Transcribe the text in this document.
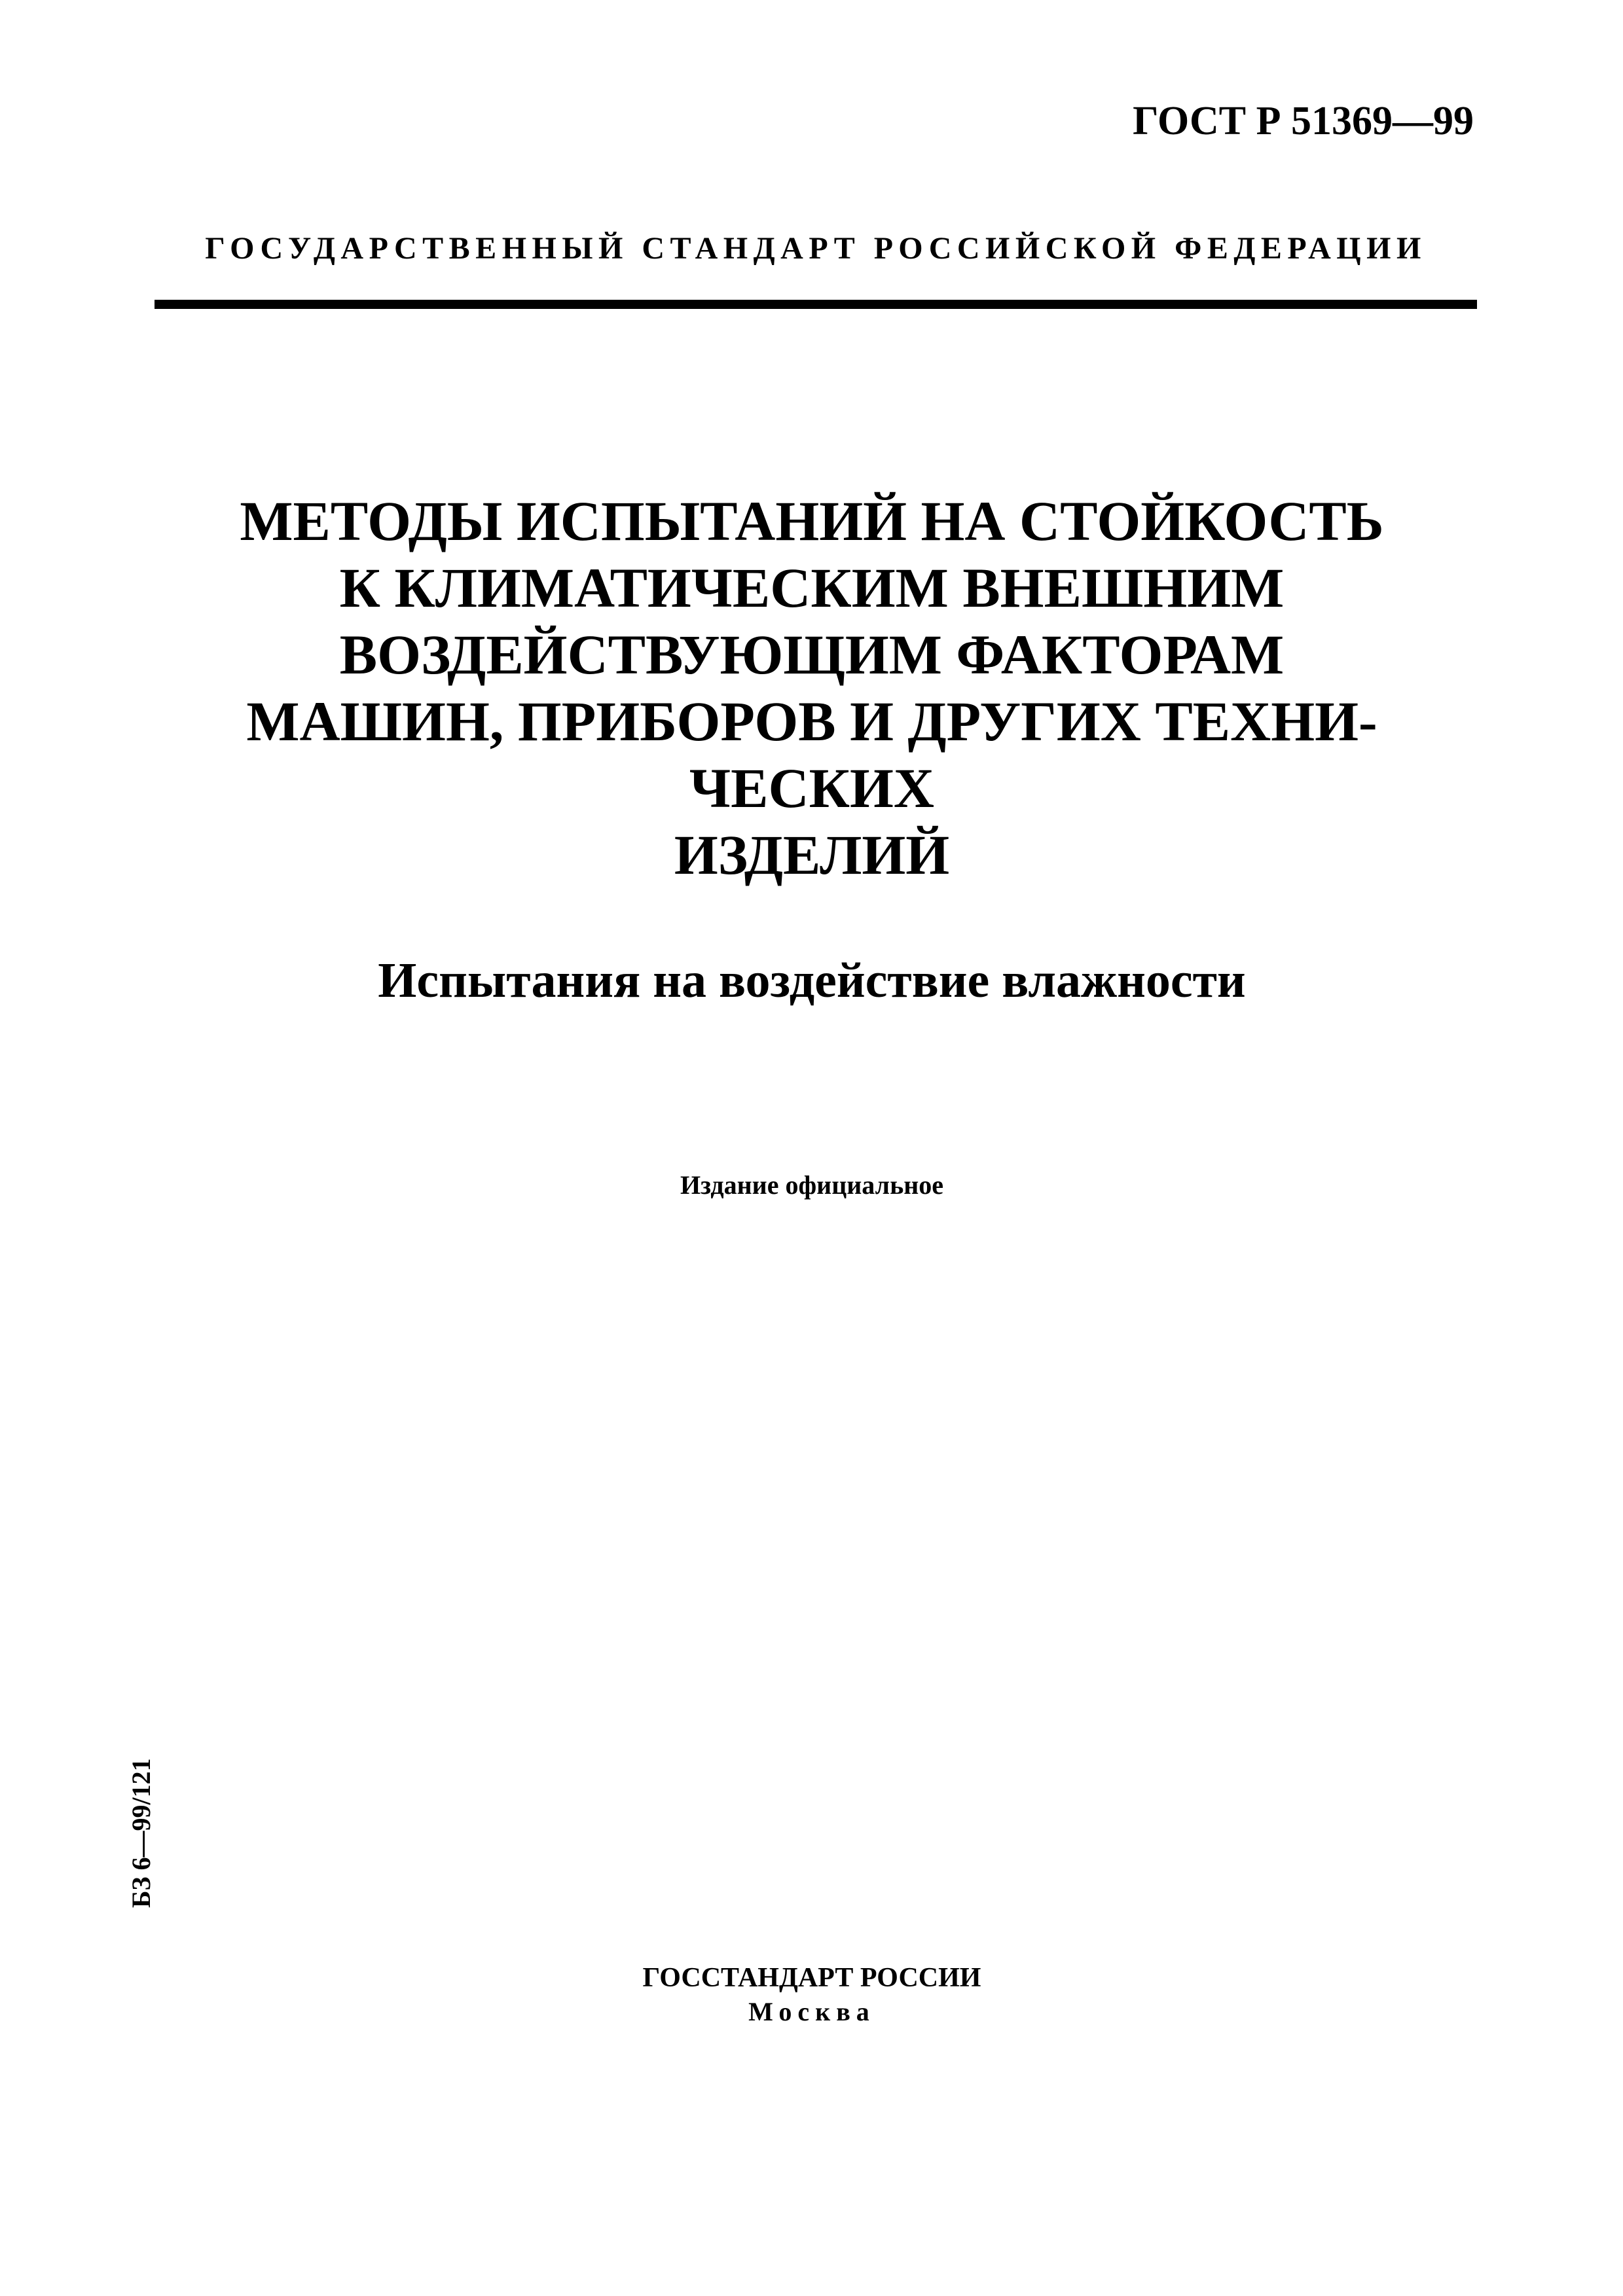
ГОСТ Р 51369—99
ГОСУДАРСТВЕННЫЙ СТАНДАРТ РОССИЙСКОЙ ФЕДЕРАЦИИ
МЕТОДЫ ИСПЫТАНИЙ НА СТОЙКОСТЬ
К КЛИМАТИЧЕСКИМ ВНЕШНИМ
ВОЗДЕЙСТВУЮЩИМ ФАКТОРАМ
МАШИН, ПРИБОРОВ И ДРУГИХ ТЕХНИ-
ЧЕСКИХ
ИЗДЕЛИЙ
Испытания на воздействие влажности
Издание официальное
БЗ 6—99/121
ГОССТАНДАРТ РОССИИ
Москва
